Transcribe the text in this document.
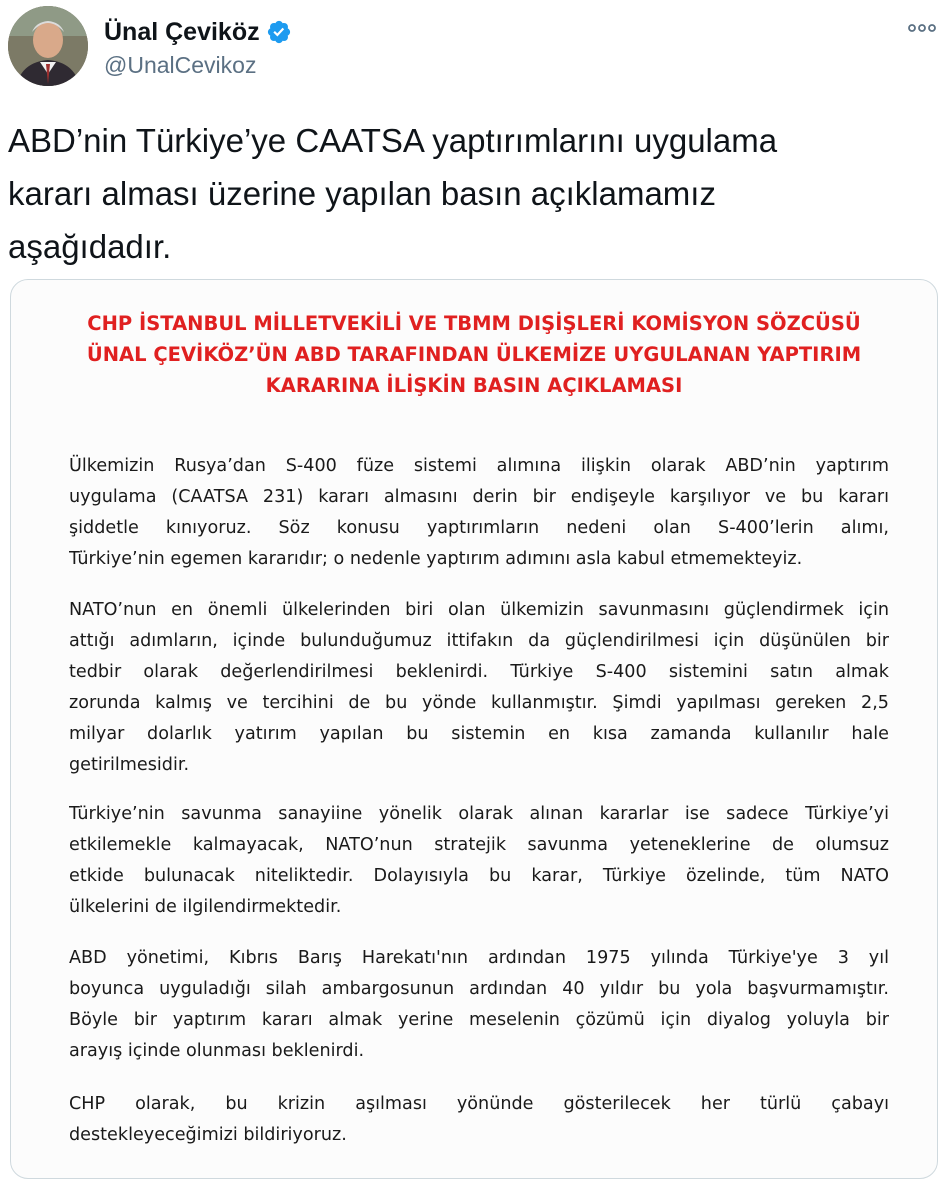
Ünal Çeviköz
@UnalCevikoz
ABD’nin Türkiye’ye CAATSA yaptırımlarını uygulama
kararı alması üzerine yapılan basın açıklamamız
aşağıdadır.
CHP İSTANBUL MİLLETVEKİLİ VE TBMM DIŞİŞLERİ KOMİSYON SÖZCÜSÜ
ÜNAL ÇEVİKÖZ’ÜN ABD TARAFINDAN ÜLKEMİZE UYGULANAN YAPTIRIM
KARARINA İLİŞKİN BASIN AÇIKLAMASI
Ülkemizin Rusya’dan S-400 füze sistemi alımına ilişkin olarak ABD’nin yaptırım
uygulama (CAATSA 231) kararı almasını derin bir endişeyle karşılıyor ve bu kararı
şiddetle kınıyoruz. Söz konusu yaptırımların nedeni olan S-400’lerin alımı,
Türkiye’nin egemen kararıdır; o nedenle yaptırım adımını asla kabul etmemekteyiz.
NATO’nun en önemli ülkelerinden biri olan ülkemizin savunmasını güçlendirmek için
attığı adımların, içinde bulunduğumuz ittifakın da güçlendirilmesi için düşünülen bir
tedbir olarak değerlendirilmesi beklenirdi. Türkiye S-400 sistemini satın almak
zorunda kalmış ve tercihini de bu yönde kullanmıştır. Şimdi yapılması gereken 2,5
milyar dolarlık yatırım yapılan bu sistemin en kısa zamanda kullanılır hale
getirilmesidir.
Türkiye’nin savunma sanayiine yönelik olarak alınan kararlar ise sadece Türkiye’yi
etkilemekle kalmayacak, NATO’nun stratejik savunma yeteneklerine de olumsuz
etkide bulunacak niteliktedir. Dolayısıyla bu karar, Türkiye özelinde, tüm NATO
ülkelerini de ilgilendirmektedir.
ABD yönetimi, Kıbrıs Barış Harekatı'nın ardından 1975 yılında Türkiye'ye 3 yıl
boyunca uyguladığı silah ambargosunun ardından 40 yıldır bu yola başvurmamıştır.
Böyle bir yaptırım kararı almak yerine meselenin çözümü için diyalog yoluyla bir
arayış içinde olunması beklenirdi.
CHP olarak, bu krizin aşılması yönünde gösterilecek her türlü çabayı
destekleyeceğimizi bildiriyoruz.
